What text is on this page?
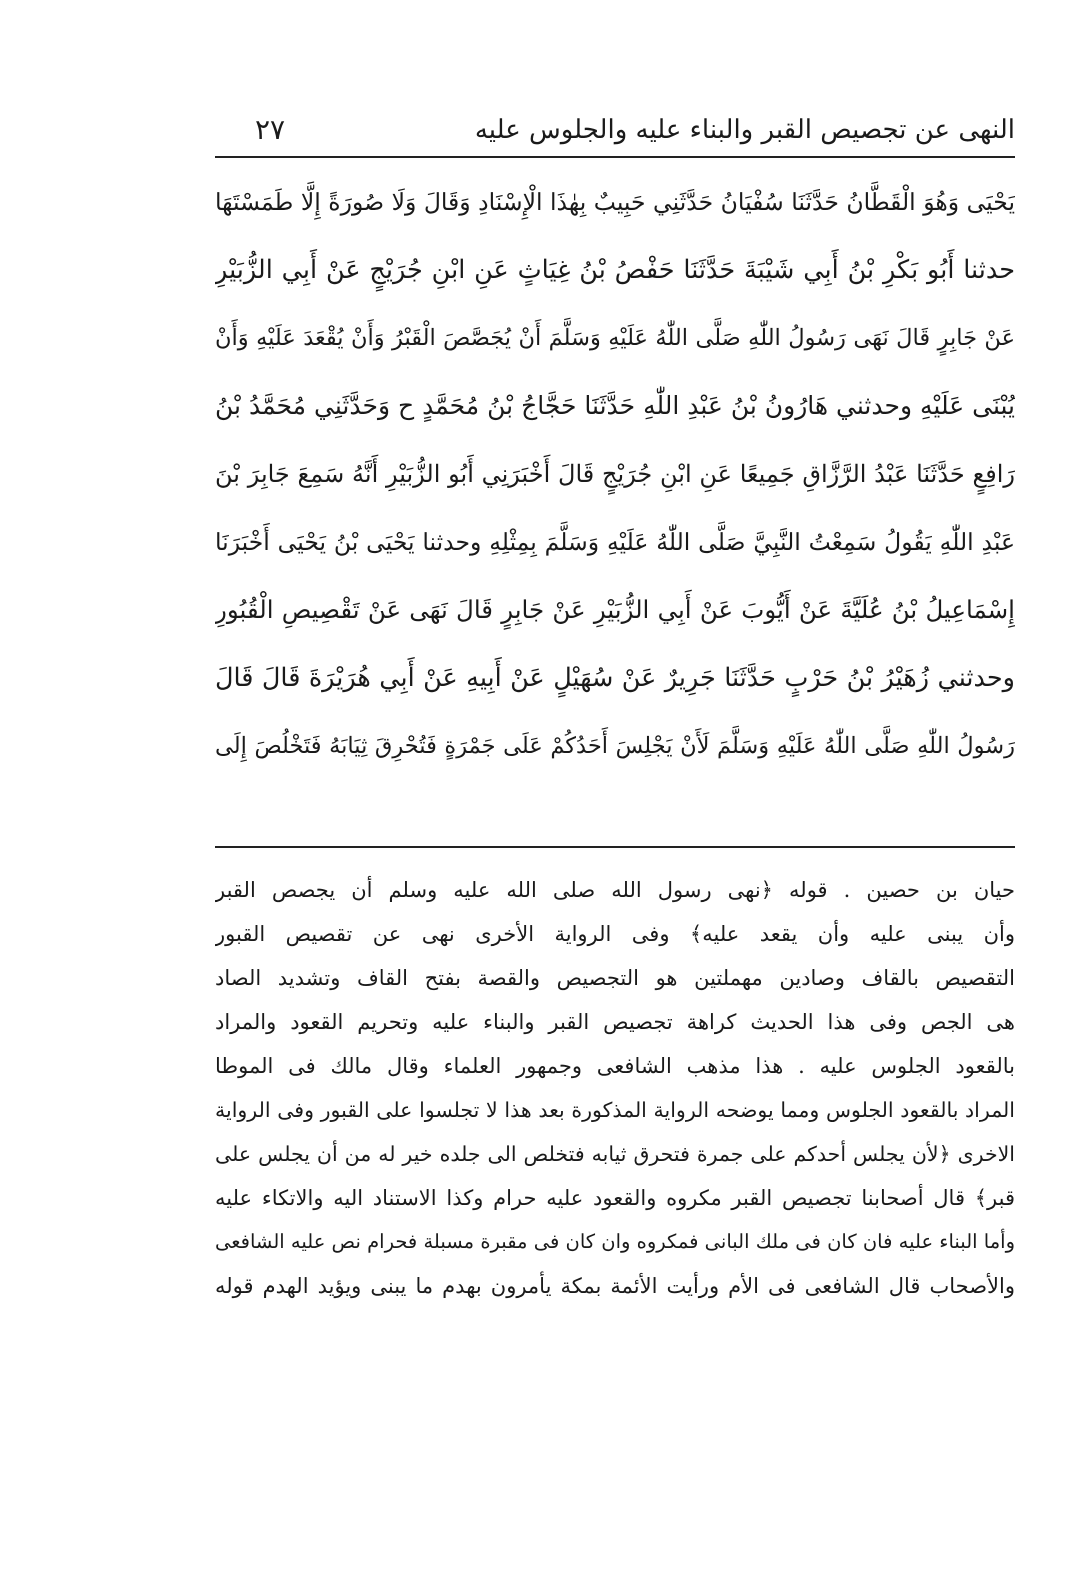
النهى عن تجصيص القبر والبناء عليه والجلوس عليه
٢٧
يَحْيَى وَهُوَ الْقَطَّانُ حَدَّثَنَا سُفْيَانُ حَدَّثَنِي حَبِيبٌ بِهٰذَا الْإِسْنَادِ وَقَالَ وَلَا صُورَةً إِلَّا طَمَسْتَهَا
حدثنا أَبُو بَكْرِ بْنُ أَبِي شَيْبَةَ حَدَّثَنَا حَفْصُ بْنُ غِيَاثٍ عَنِ ابْنِ جُرَيْجٍ عَنْ أَبِي الزُّبَيْرِ
عَنْ جَابِرٍ قَالَ نَهَى رَسُولُ اللّٰهِ صَلَّى اللّٰهُ عَلَيْهِ وَسَلَّمَ أَنْ يُجَصَّصَ الْقَبْرُ وَأَنْ يُقْعَدَ عَلَيْهِ وَأَنْ
يُبْنَى عَلَيْهِ وحدثني هَارُونُ بْنُ عَبْدِ اللّٰهِ حَدَّثَنَا حَجَّاجُ بْنُ مُحَمَّدٍ ح وَحَدَّثَنِي مُحَمَّدُ بْنُ
رَافِعٍ حَدَّثَنَا عَبْدُ الرَّزَّاقِ جَمِيعًا عَنِ ابْنِ جُرَيْجٍ قَالَ أَخْبَرَنِي أَبُو الزُّبَيْرِ أَنَّهُ سَمِعَ جَابِرَ بْنَ
عَبْدِ اللّٰهِ يَقُولُ سَمِعْتُ النَّبِيَّ صَلَّى اللّٰهُ عَلَيْهِ وَسَلَّمَ بِمِثْلِهِ وحدثنا يَحْيَى بْنُ يَحْيَى أَخْبَرَنَا
إِسْمَاعِيلُ بْنُ عُلَيَّةَ عَنْ أَيُّوبَ عَنْ أَبِي الزُّبَيْرِ عَنْ جَابِرٍ قَالَ نَهَى عَنْ تَقْصِيصِ الْقُبُورِ
وحدثني زُهَيْرُ بْنُ حَرْبٍ حَدَّثَنَا جَرِيرٌ عَنْ سُهَيْلٍ عَنْ أَبِيهِ عَنْ أَبِي هُرَيْرَةَ قَالَ قَالَ
رَسُولُ اللّٰهِ صَلَّى اللّٰهُ عَلَيْهِ وَسَلَّمَ لَأَنْ يَجْلِسَ أَحَدُكُمْ عَلَى جَمْرَةٍ فَتُحْرِقَ ثِيَابَهُ فَتَخْلُصَ إِلَى
حيان بن حصين . قوله ﴿نهى رسول الله صلى الله عليه وسلم أن يجصص القبر
وأن يبنى عليه وأن يقعد عليه﴾ وفى الرواية الأخرى نهى عن تقصيص القبور
التقصيص بالقاف وصادين مهملتين هو التجصيص والقصة بفتح القاف وتشديد الصاد
هى الجص وفى هذا الحديث كراهة تجصيص القبر والبناء عليه وتحريم القعود والمراد
بالقعود الجلوس عليه . هذا مذهب الشافعى وجمهور العلماء وقال مالك فى الموطا
المراد بالقعود الجلوس ومما يوضحه الرواية المذكورة بعد هذا لا تجلسوا على القبور وفى الرواية
الاخرى ﴿لأن يجلس أحدكم على جمرة فتحرق ثيابه فتخلص الى جلده خير له من أن يجلس على
قبر﴾ قال أصحابنا تجصيص القبر مكروه والقعود عليه حرام وكذا الاستناد اليه والاتكاء عليه
وأما البناء عليه فان كان فى ملك البانى فمكروه وان كان فى مقبرة مسبلة فحرام نص عليه الشافعى
والأصحاب قال الشافعى فى الأم ورأيت الأئمة بمكة يأمرون بهدم ما يبنى ويؤيد الهدم قوله
